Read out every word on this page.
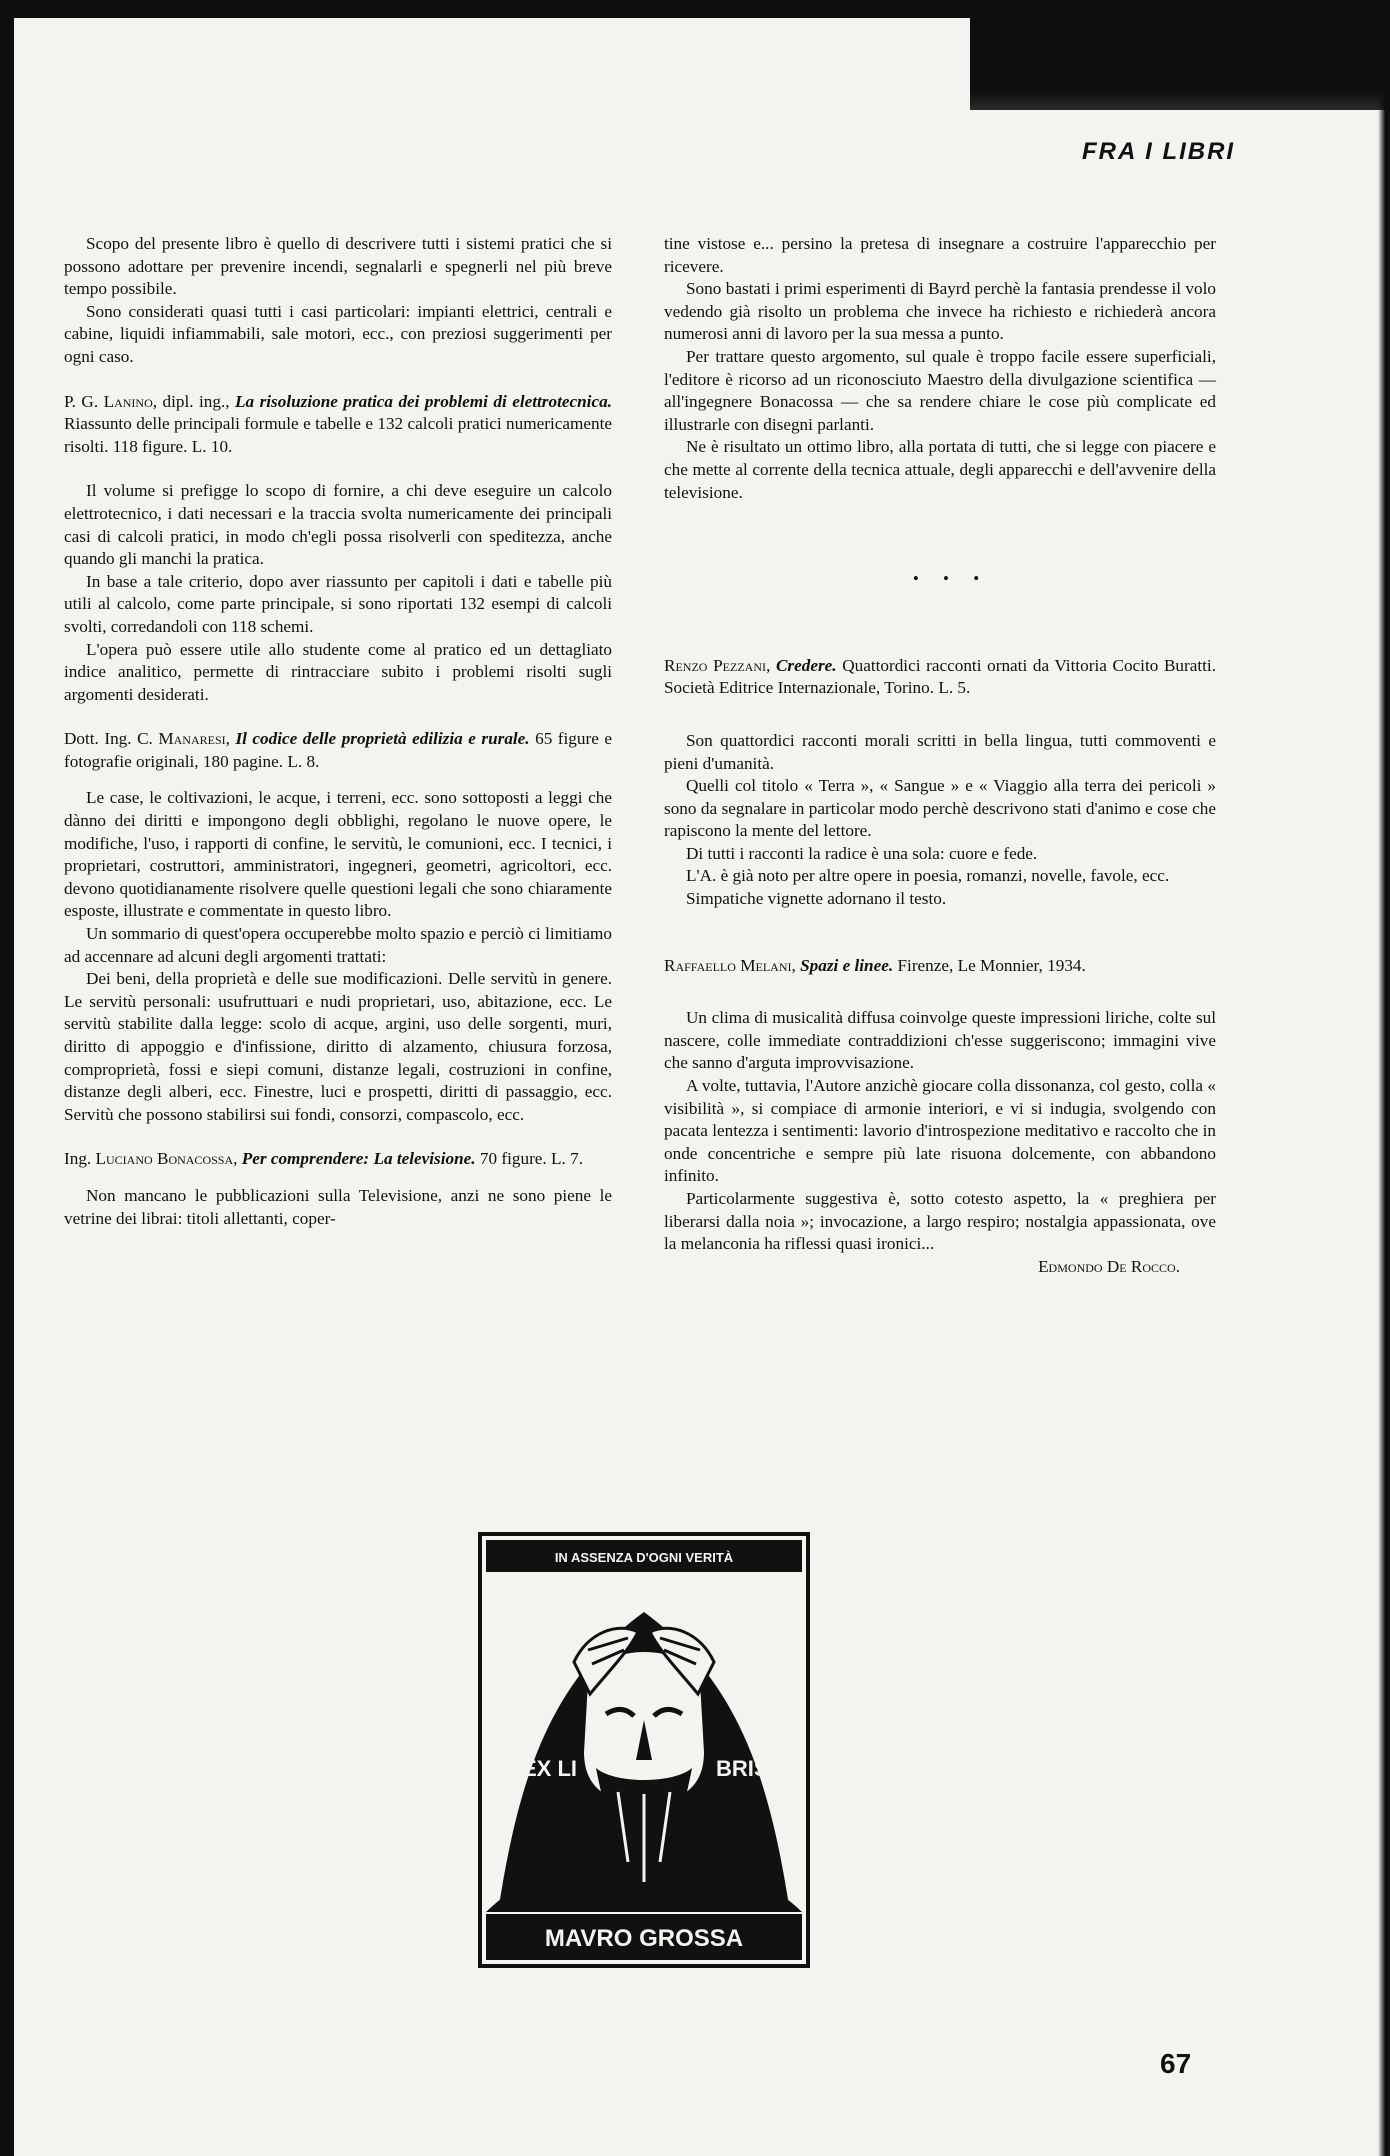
FRA I LIBRI

Scopo del presente libro è quello di descrivere tutti i sistemi pratici che si possono adottare per prevenire incendi, segnalarli e spegnerli nel più breve tempo possibile.

Sono considerati quasi tutti i casi particolari: impianti elettrici, centrali e cabine, liquidi infiammabili, sale motori, ecc., con preziosi suggerimenti per ogni caso.

P. G. Lanino, dipl. ing., La risoluzione pratica dei problemi di elettrotecnica. Riassunto delle principali formule e tabelle e 132 calcoli pratici numericamente risolti. 118 figure. L. 10.

Il volume si prefigge lo scopo di fornire, a chi deve eseguire un calcolo elettrotecnico, i dati necessari e la traccia svolta numericamente dei principali casi di calcoli pratici, in modo ch'egli possa risolverli con speditezza, anche quando gli manchi la pratica.

In base a tale criterio, dopo aver riassunto per capitoli i dati e tabelle più utili al calcolo, come parte principale, si sono riportati 132 esempi di calcoli svolti, corredandoli con 118 schemi.

L'opera può essere utile allo studente come al pratico ed un dettagliato indice analitico, permette di rintracciare subito i problemi risolti sugli argomenti desiderati.

Dott. Ing. C. Manaresi, Il codice delle proprietà edilizia e rurale. 65 figure e fotografie originali, 180 pagine. L. 8.

Le case, le coltivazioni, le acque, i terreni, ecc. sono sottoposti a leggi che dànno dei diritti e impongono degli obblighi, regolano le nuove opere, le modifiche, l'uso, i rapporti di confine, le servitù, le comunioni, ecc. I tecnici, i proprietari, costruttori, amministratori, ingegneri, geometri, agricoltori, ecc. devono quotidianamente risolvere quelle questioni legali che sono chiaramente esposte, illustrate e commentate in questo libro.

Un sommario di quest'opera occuperebbe molto spazio e perciò ci limitiamo ad accennare ad alcuni degli argomenti trattati:

Dei beni, della proprietà e delle sue modificazioni. Delle servitù in genere. Le servitù personali: usufruttuari e nudi proprietari, uso, abitazione, ecc. Le servitù stabilite dalla legge: scolo di acque, argini, uso delle sorgenti, muri, diritto di appoggio e d'infissione, diritto di alzamento, chiusura forzosa, comproprietà, fossi e siepi comuni, distanze legali, costruzioni in confine, distanze degli alberi, ecc. Finestre, luci e prospetti, diritti di passaggio, ecc. Servitù che possono stabilirsi sui fondi, consorzi, compascolo, ecc.

Ing. Luciano Bonacossa, Per comprendere: La televisione. 70 figure. L. 7.

Non mancano le pubblicazioni sulla Televisione, anzi ne sono piene le vetrine dei librai: titoli allettanti, coper-

tine vistose e... persino la pretesa di insegnare a costruire l'apparecchio per ricevere.

Sono bastati i primi esperimenti di Bayrd perchè la fantasia prendesse il volo vedendo già risolto un problema che invece ha richiesto e richiederà ancora numerosi anni di lavoro per la sua messa a punto.

Per trattare questo argomento, sul quale è troppo facile essere superficiali, l'editore è ricorso ad un riconosciuto Maestro della divulgazione scientifica — all'ingegnere Bonacossa — che sa rendere chiare le cose più complicate ed illustrarle con disegni parlanti.

Ne è risultato un ottimo libro, alla portata di tutti, che si legge con piacere e che mette al corrente della tecnica attuale, degli apparecchi e dell'avvenire della televisione.

• • •

Renzo Pezzani, Credere. Quattordici racconti ornati da Vittoria Cocito Buratti. Società Editrice Internazionale, Torino. L. 5.

Son quattordici racconti morali scritti in bella lingua, tutti commoventi e pieni d'umanità.

Quelli col titolo « Terra », « Sangue » e « Viaggio alla terra dei pericoli » sono da segnalare in particolar modo perchè descrivono stati d'animo e cose che rapiscono la mente del lettore.

Di tutti i racconti la radice è una sola: cuore e fede.

L'A. è già noto per altre opere in poesia, romanzi, novelle, favole, ecc.

Simpatiche vignette adornano il testo.

Raffaello Melani, Spazi e linee. Firenze, Le Monnier, 1934.

Un clima di musicalità diffusa coinvolge queste impressioni liriche, colte sul nascere, colle immediate contraddizioni ch'esse suggeriscono; immagini vive che sanno d'arguta improvvisazione.

A volte, tuttavia, l'Autore anzichè giocare colla dissonanza, col gesto, colla « visibilità », si compiace di armonie interiori, e vi si indugia, svolgendo con pacata lentezza i sentimenti: lavorio d'introspezione meditativo e raccolto che in onde concentriche e sempre più late risuona dolcemente, con abbandono infinito.

Particolarmente suggestiva è, sotto cotesto aspetto, la « preghiera per liberarsi dalla noia »; invocazione, a largo respiro; nostalgia appassionata, ove la melanconia ha riflessi quasi ironici...

Edmondo De Rocco.

IN ASSENZA D'OGNI VERITÀ
EX LI	BRIS
MAVRO GROSSA
67
